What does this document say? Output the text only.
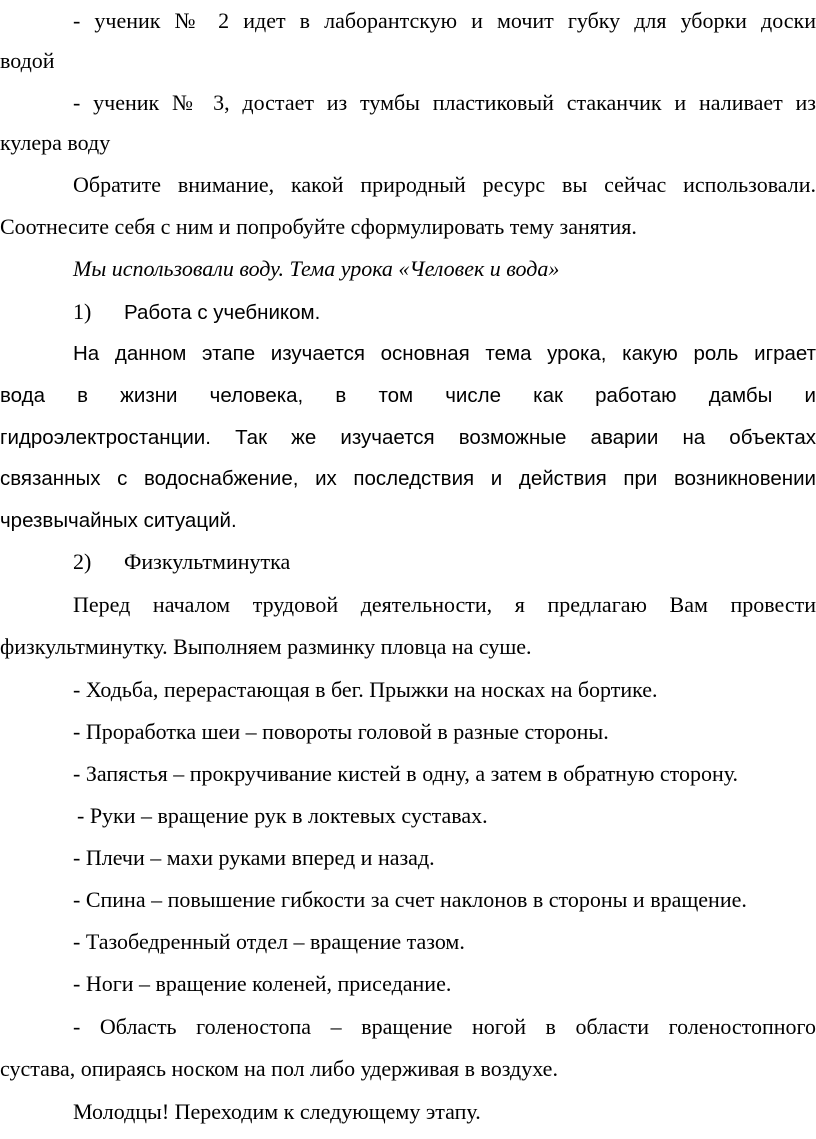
- ученик № 2 идет в лаборантскую и мочит губку для уборки доски
водой
- ученик № 3, достает из тумбы пластиковый стаканчик и наливает из
кулера воду
Обратите внимание, какой природный ресурс вы сейчас использовали.
Соотнесите себя с ним и попробуйте сформулировать тему занятия.
Мы использовали воду. Тема урока «Человек и вода»
1) Работа с учебником.
На данном этапе изучается основная тема урока, какую роль играет
вода в жизни человека, в том числе как работаю дамбы и
гидроэлектростанции. Так же изучается возможные аварии на объектах
связанных с водоснабжение, их последствия и действия при возникновении
чрезвычайных ситуаций.
2) Физкультминутка
Перед началом трудовой деятельности, я предлагаю Вам провести
физкультминутку. Выполняем разминку пловца на суше.
- Ходьба, перерастающая в бег. Прыжки на носках на бортике.
- Проработка шеи – повороты головой в разные стороны.
- Запястья – прокручивание кистей в одну, а затем в обратную сторону.
- Руки – вращение рук в локтевых суставах.
- Плечи – махи руками вперед и назад.
- Спина – повышение гибкости за счет наклонов в стороны и вращение.
- Тазобедренный отдел – вращение тазом.
- Ноги – вращение коленей, приседание.
- Область голеностопа – вращение ногой в области голеностопного
сустава, опираясь носком на пол либо удерживая в воздухе.
Молодцы! Переходим к следующему этапу.
